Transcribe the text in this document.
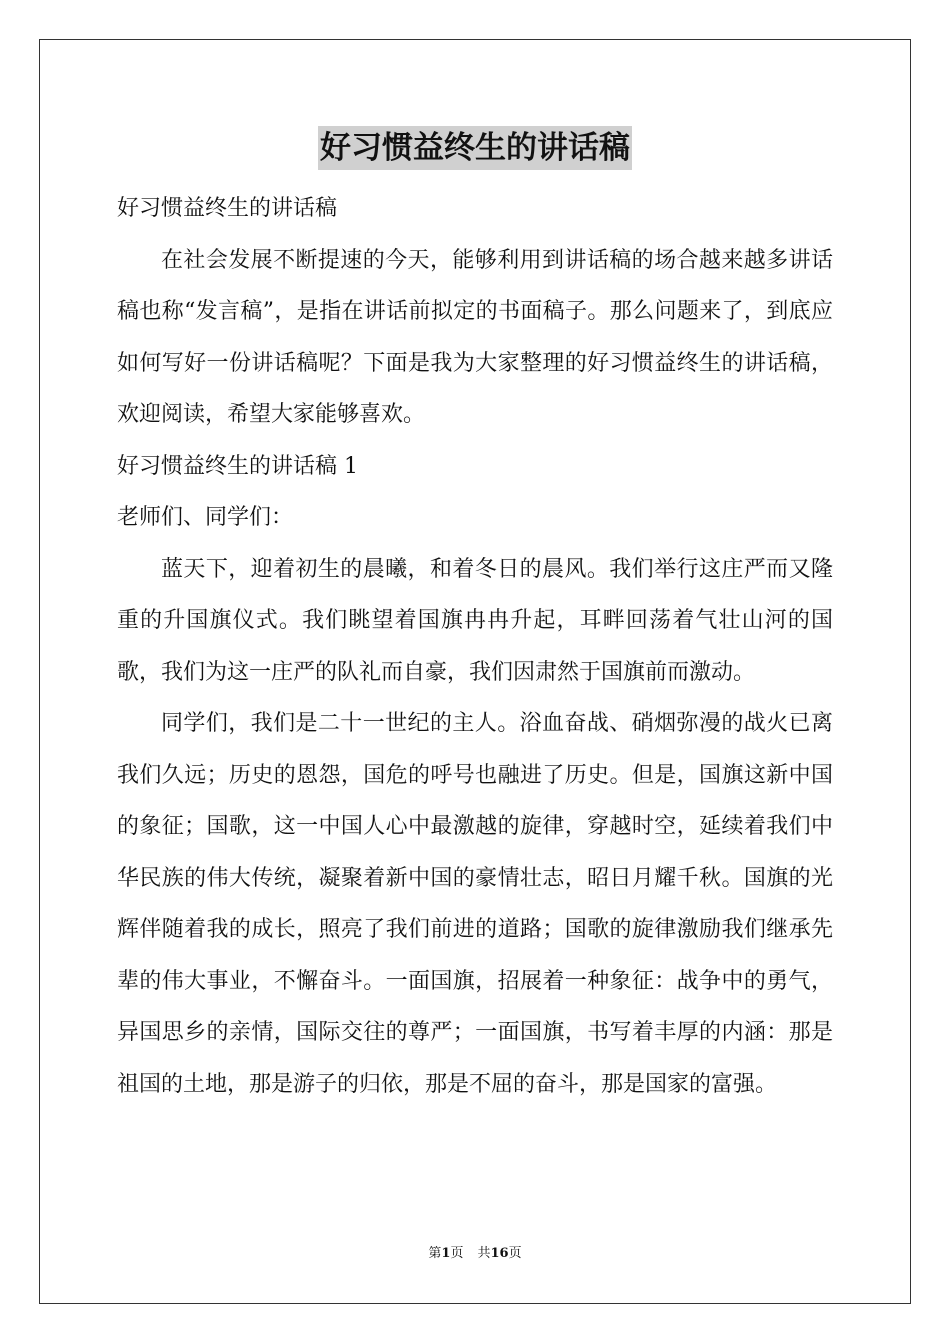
好习惯益终生的讲话稿

好习惯益终生的讲话稿

在社会发展不断提速的今天，能够利用到讲话稿的场合越来越多讲话稿也称“发言稿”，是指在讲话前拟定的书面稿子。那么问题来了，到底应如何写好一份讲话稿呢？下面是我为大家整理的好习惯益终生的讲话稿，欢迎阅读，希望大家能够喜欢。

好习惯益终生的讲话稿 1

老师们、同学们：

蓝天下，迎着初生的晨曦，和着冬日的晨风。我们举行这庄严而又隆重的升国旗仪式。我们眺望着国旗冉冉升起，耳畔回荡着气壮山河的国歌，我们为这一庄严的队礼而自豪，我们因肃然于国旗前而激动。

同学们，我们是二十一世纪的主人。浴血奋战、硝烟弥漫的战火已离我们久远；历史的恩怨，国危的呼号也融进了历史。但是，国旗这新中国的象征；国歌，这一中国人心中最激越的旋律，穿越时空，延续着我们中华民族的伟大传统，凝聚着新中国的豪情壮志，昭日月耀千秋。国旗的光辉伴随着我的成长，照亮了我们前进的道路；国歌的旋律激励我们继承先辈的伟大事业，不懈奋斗。一面国旗，招展着一种象征：战争中的勇气，异国思乡的亲情，国际交往的尊严；一面国旗，书写着丰厚的内涵：那是祖国的土地，那是游子的归依，那是不屈的奋斗，那是国家的富强。

第1页 共16页
